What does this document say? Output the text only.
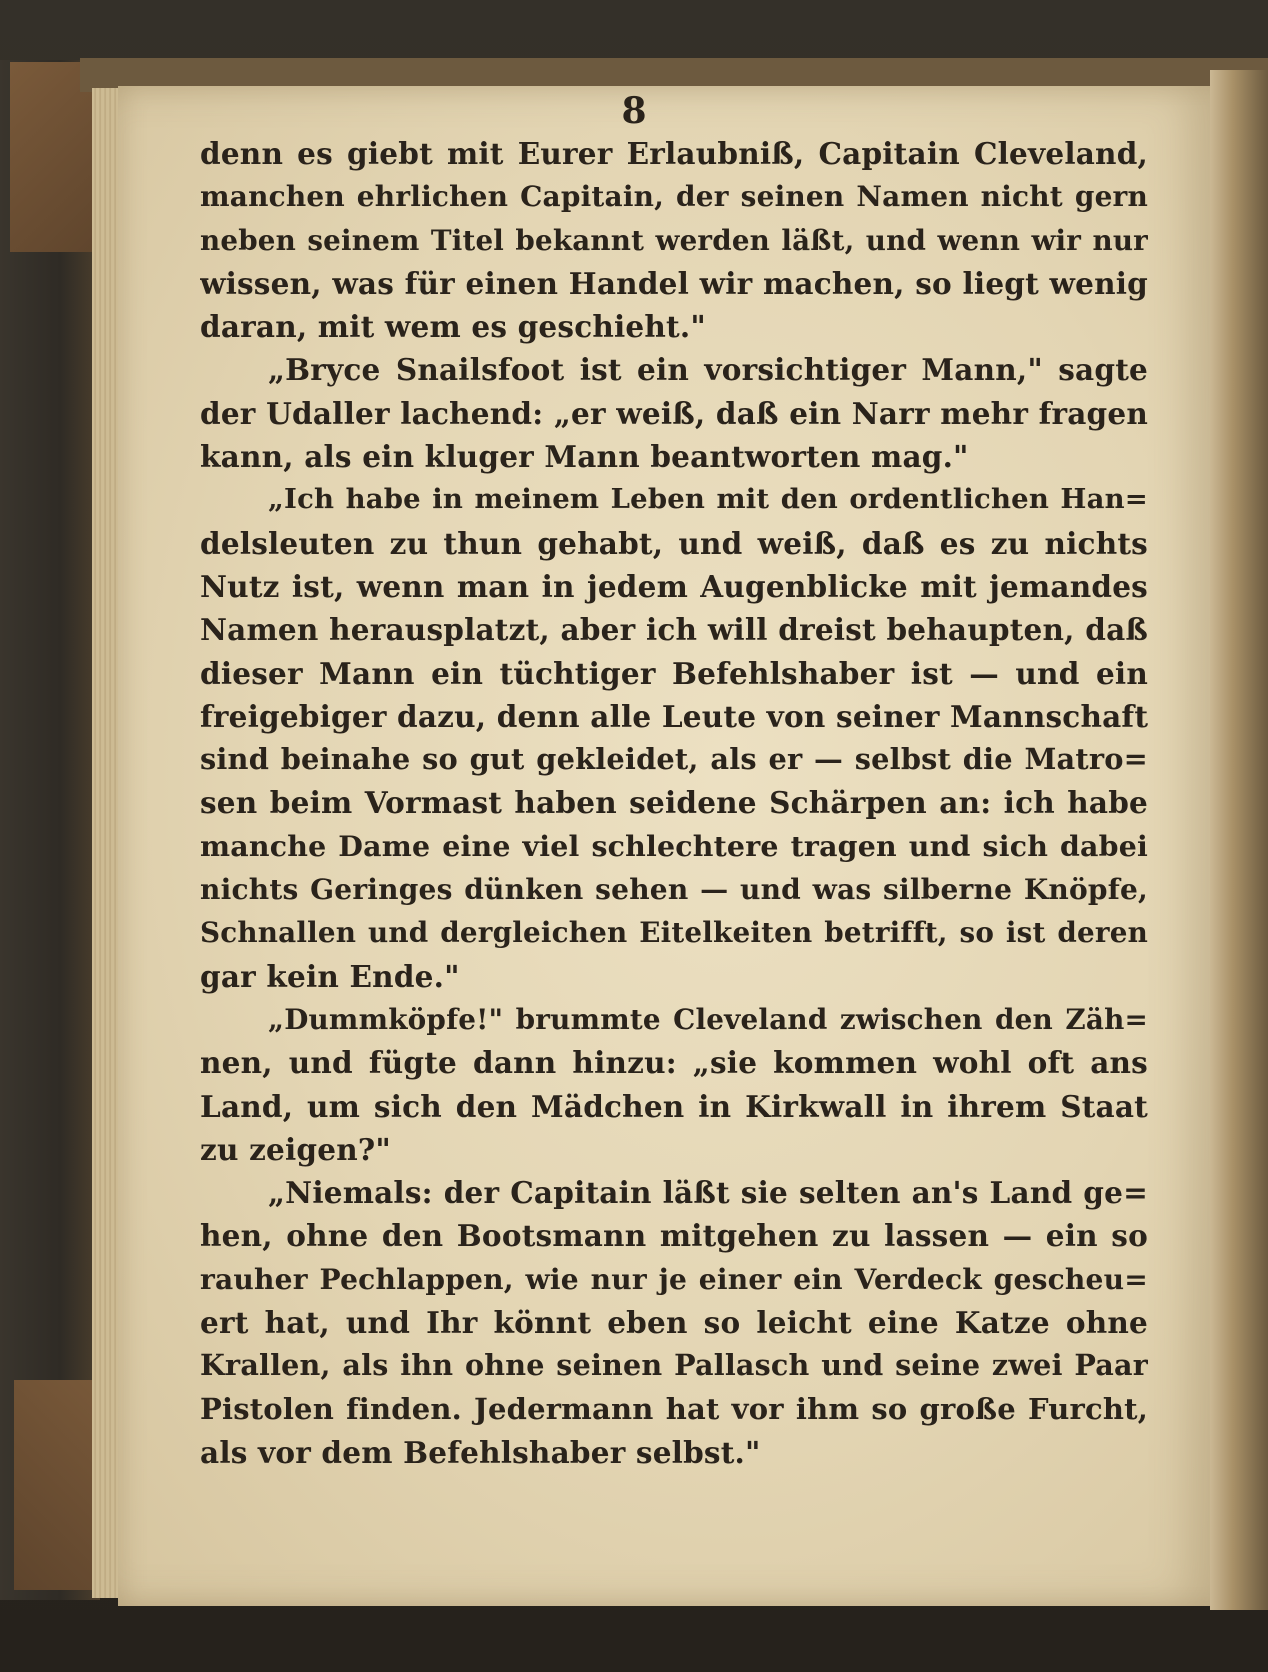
8
denn es giebt mit Eurer Erlaubniß, Capitain Cleveland,
manchen ehrlichen Capitain, der seinen Namen nicht gern
neben seinem Titel bekannt werden läßt, und wenn wir nur
wissen, was für einen Handel wir machen, so liegt wenig
daran, mit wem es geschieht."
„Bryce Snailsfoot ist ein vorsichtiger Mann," sagte
der Udaller lachend: „er weiß, daß ein Narr mehr fragen
kann, als ein kluger Mann beantworten mag."
„Ich habe in meinem Leben mit den ordentlichen Han=
delsleuten zu thun gehabt, und weiß, daß es zu nichts
Nutz ist, wenn man in jedem Augenblicke mit jemandes
Namen herausplatzt, aber ich will dreist behaupten, daß
dieser Mann ein tüchtiger Befehlshaber ist — und ein
freigebiger dazu, denn alle Leute von seiner Mannschaft
sind beinahe so gut gekleidet, als er — selbst die Matro=
sen beim Vormast haben seidene Schärpen an: ich habe
manche Dame eine viel schlechtere tragen und sich dabei
nichts Geringes dünken sehen — und was silberne Knöpfe,
Schnallen und dergleichen Eitelkeiten betrifft, so ist deren
gar kein Ende."
„Dummköpfe!" brummte Cleveland zwischen den Zäh=
nen, und fügte dann hinzu: „sie kommen wohl oft ans
Land, um sich den Mädchen in Kirkwall in ihrem Staat
zu zeigen?"
„Niemals: der Capitain läßt sie selten an's Land ge=
hen, ohne den Bootsmann mitgehen zu lassen — ein so
rauher Pechlappen, wie nur je einer ein Verdeck gescheu=
ert hat, und Ihr könnt eben so leicht eine Katze ohne
Krallen, als ihn ohne seinen Pallasch und seine zwei Paar
Pistolen finden. Jedermann hat vor ihm so große Furcht,
als vor dem Befehlshaber selbst."
